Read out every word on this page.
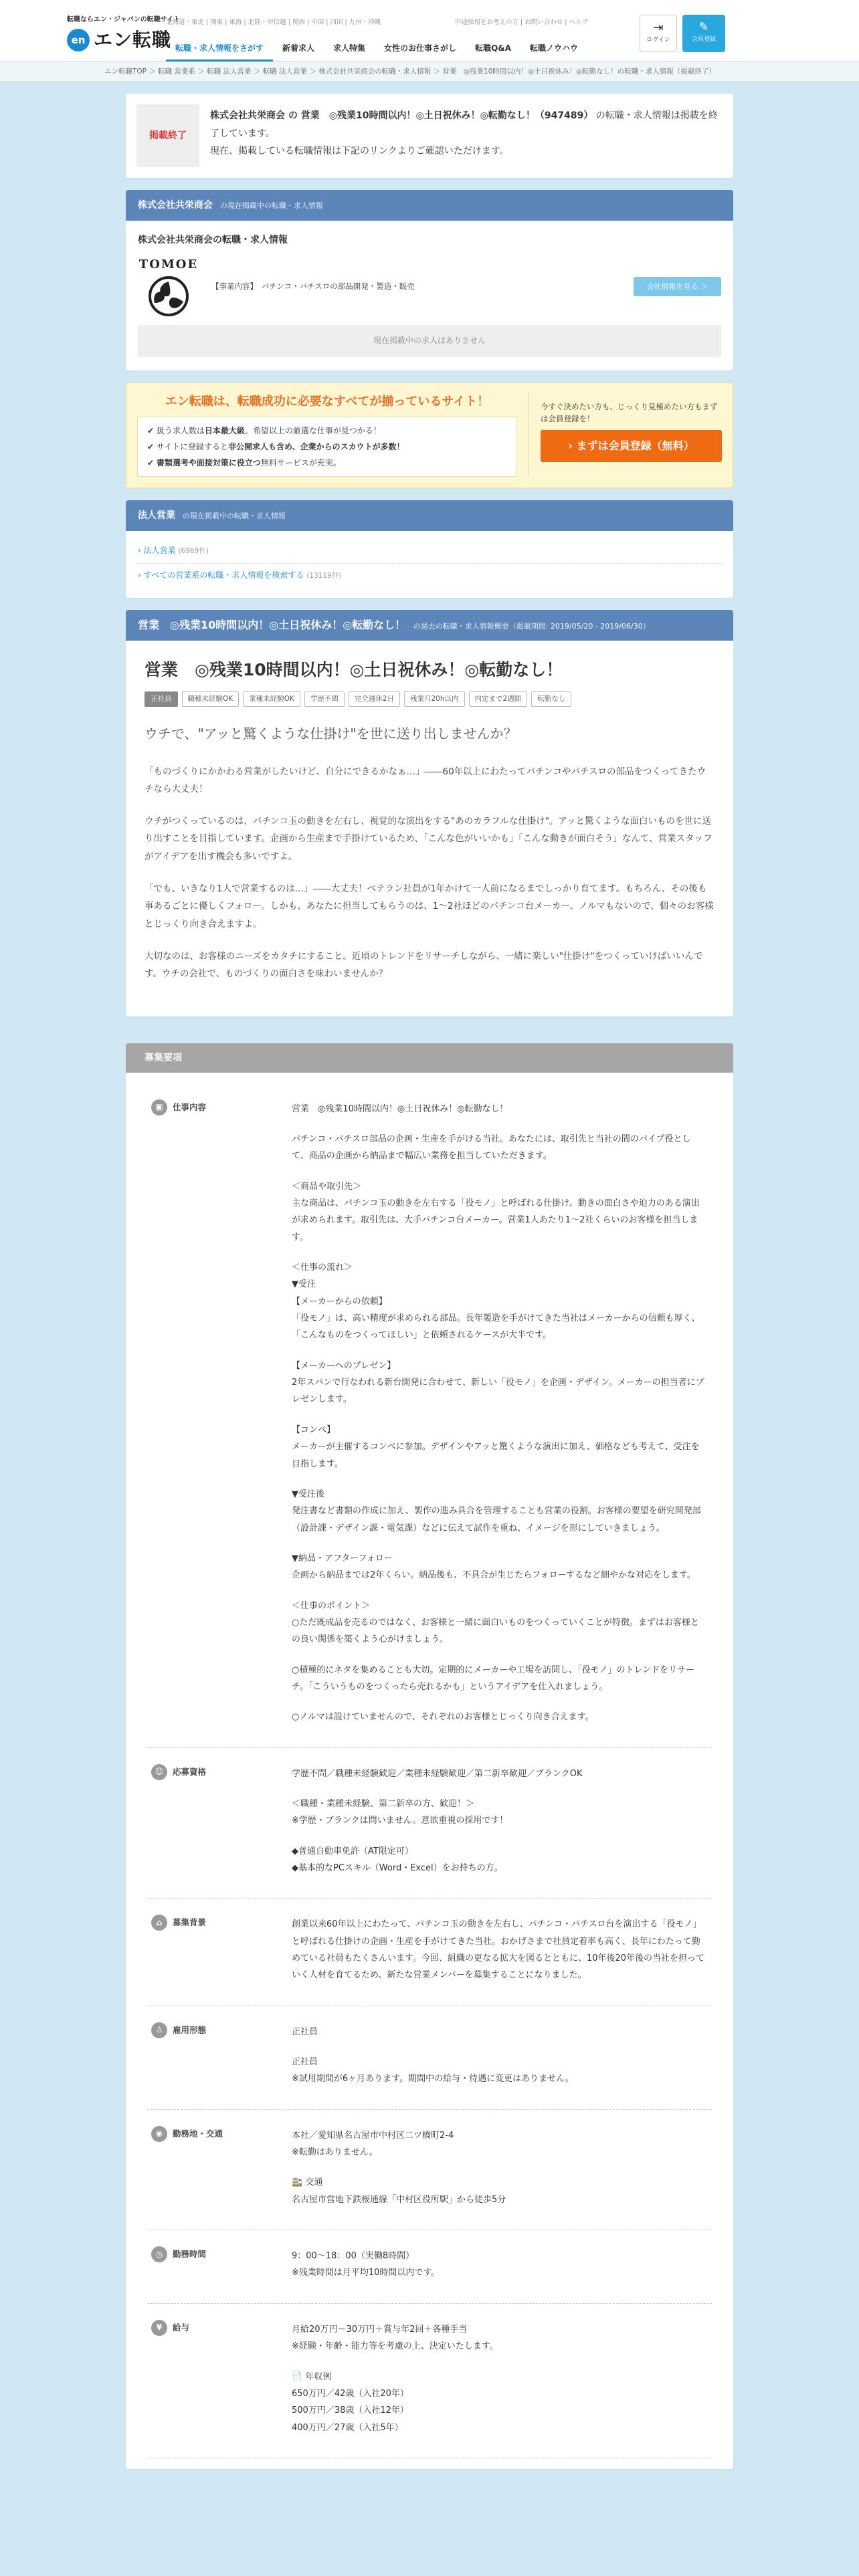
転職ならエン・ジャパンの転職サイト
en エン転職
北海道・東北 | 関東 | 東海 | 北陸・甲信越 | 関西 | 中国 | 四国 | 九州・沖縄	中途採用をお考えの方 | お問い合わせ | ヘルプ
転職・求人情報をさがす	新着求人	求人特集	女性のお仕事さがし	転職Q&A	転職ノウハウ
⇥
ログイン
✎
会員登録
エン転職TOP ＞ 転職 営業系 ＞ 転職 法人営業 ＞ 転職 法人営業 ＞ 株式会社共栄商会の転職・求人情報 ＞ 営業　◎残業10時間以内！◎土日祝休み！◎転勤なし！の転職・求人情報（掲載終了）
掲載終了
株式会社共栄商会 の 営業　◎残業10時間以内！◎土日祝休み！◎転勤なし！（947489） の転職・求人情報は掲載を終了しています。
現在、掲載している転職情報は下記のリンクよりご確認いただけます。
株式会社共栄商会 の現在掲載中の転職・求人情報
株式会社共栄商会の転職・求人情報
TOMOE
【事業内容】　パチンコ・パチスロの部品開発・製造・販売	会社情報を見る ＞
現在掲載中の求人はありません
エン転職は、転職成功に必要なすべてが揃っているサイト！
✔ 扱う求人数は日本最大級。希望以上の厳選な仕事が見つかる！
✔ サイトに登録すると非公開求人も含め、企業からのスカウトが多数！
✔ 書類選考や面接対策に役立つ無料サービスが充実。

今すぐ決めたい方も、じっくり見極めたい方もまずは会員登録を！

› まずは会員登録（無料）
法人営業 の現在掲載中の転職・求人情報
› 法人営業 (6969件)
› すべての営業系の転職・求人情報を検索する (13119件)
営業　◎残業10時間以内！◎土日祝休み！◎転勤なし！ の過去の転職・求人情報概要（掲載期間: 2019/05/20 - 2019/06/30）
営業　◎残業10時間以内！◎土日祝休み！◎転勤なし！
正社員	職種未経験OK	業種未経験OK	学歴不問	完全週休2日	残業月20h以内	内定まで2週間	転勤なし
ウチで、"アッと驚くような仕掛け"を世に送り出しませんか？

「ものづくりにかかわる営業がしたいけど、自分にできるかなぁ…」――60年以上にわたってパチンコやパチスロの部品をつくってきたウチなら大丈夫！

ウチがつくっているのは、パチンコ玉の動きを左右し、視覚的な演出をする"あのカラフルな仕掛け"。アッと驚くような面白いものを世に送り出すことを目指しています。企画から生産まで手掛けているため、「こんな色がいいかも」「こんな動きが面白そう」なんて、営業スタッフがアイデアを出す機会も多いですよ。

「でも、いきなり1人で営業するのは…」――大丈夫！ベテラン社員が1年かけて一人前になるまでしっかり育てます。もちろん、その後も事あるごとに優しくフォロー。しかも、あなたに担当してもらうのは、1〜2社ほどのパチンコ台メーカー。ノルマもないので、個々のお客様とじっくり向き合えますよ。

大切なのは、お客様のニーズをカタチにすること。近頃のトレンドをリサーチしながら、一緒に楽しい"仕掛け"をつくっていけばいいんです。ウチの会社で、ものづくりの面白さを味わいませんか？

募集要項
▣	仕事内容	営業　◎残業10時間以内！◎土日祝休み！◎転勤なし！

パチンコ・パチスロ部品の企画・生産を手がける当社。あなたには、取引先と当社の間のパイプ役として、商品の企画から納品まで幅広い業務を担当していただきます。

＜商品や取引先＞
主な商品は、パチンコ玉の動きを左右する「役モノ」と呼ばれる仕掛け。動きの面白さや迫力のある演出が求められます。取引先は、大手パチンコ台メーカー。営業1人あたり1〜2社くらいのお客様を担当します。

＜仕事の流れ＞
▼受注
【メーカーからの依頼】
「役モノ」は、高い精度が求められる部品。長年製造を手がけてきた当社はメーカーからの信頼も厚く、「こんなものをつくってほしい」と依頼されるケースが大半です。

【メーカーへのプレゼン】
2年スパンで行なわれる新台開発に合わせて、新しい「役モノ」を企画・デザイン。メーカーの担当者にプレゼンします。

【コンペ】
メーカーが主催するコンペに参加。デザインやアッと驚くような演出に加え、価格なども考えて、受注を目指します。

▼受注後
発注書など書類の作成に加え、製作の進み具合を管理することも営業の役割。お客様の要望を研究開発部（設計課・デザイン課・電気課）などに伝えて試作を重ね、イメージを形にしていきましょう。

▼納品・アフターフォロー
企画から納品までは2年くらい。納品後も、不具合が生じたらフォローするなど細やかな対応をします。

＜仕事のポイント＞
○ただ既成品を売るのではなく、お客様と一緒に面白いものをつくっていくことが特徴。まずはお客様との良い関係を築くよう心がけましょう。

○積極的にネタを集めることも大切。定期的にメーカーや工場を訪問し、「役モノ」のトレンドをリサーチ。「こういうものをつくったら売れるかも」というアイデアを仕入れましょう。

○ノルマは設けていませんので、それぞれのお客様とじっくり向き合えます。

☺	応募資格	学歴不問／職種未経験歓迎／業種未経験歓迎／第二新卒歓迎／ブランクOK

＜職種・業種未経験、第二新卒の方、歓迎！＞
※学歴・ブランクは問いません。意欲重視の採用です！

◆普通自動車免許（AT限定可）
◆基本的なPCスキル（Word・Excel）をお持ちの方。

⌂	募集背景	創業以来60年以上にわたって、パチンコ玉の動きを左右し、パチンコ・パチスロ台を演出する「役モノ」と呼ばれる仕掛けの企画・生産を手がけてきた当社。おかげさまで社員定着率も高く、長年にわたって勤めている社員もたくさんいます。今回、組織の更なる拡大を図るとともに、10年後20年後の当社を担っていく人材を育てるため、新たな営業メンバーを募集することになりました。

♙	雇用形態	正社員

正社員
※試用期間が6ヶ月あります。期間中の給与・待遇に変更はありません。

◉	勤務地・交通	本社／愛知県名古屋市中村区二ツ橋町2-4
※転勤はありません。

🚉 交通
名古屋市営地下鉄桜通線「中村区役所駅」から徒歩5分

◷	勤務時間	9：00〜18：00（実働8時間）
※残業時間は月平均10時間以内です。

¥	給与	月給20万円〜30万円＋賞与年2回＋各種手当
※経験・年齢・能力等を考慮の上、決定いたします。

📄 年収例
650万円／42歳（入社20年）
500万円／38歳（入社12年）
400万円／27歳（入社5年）
